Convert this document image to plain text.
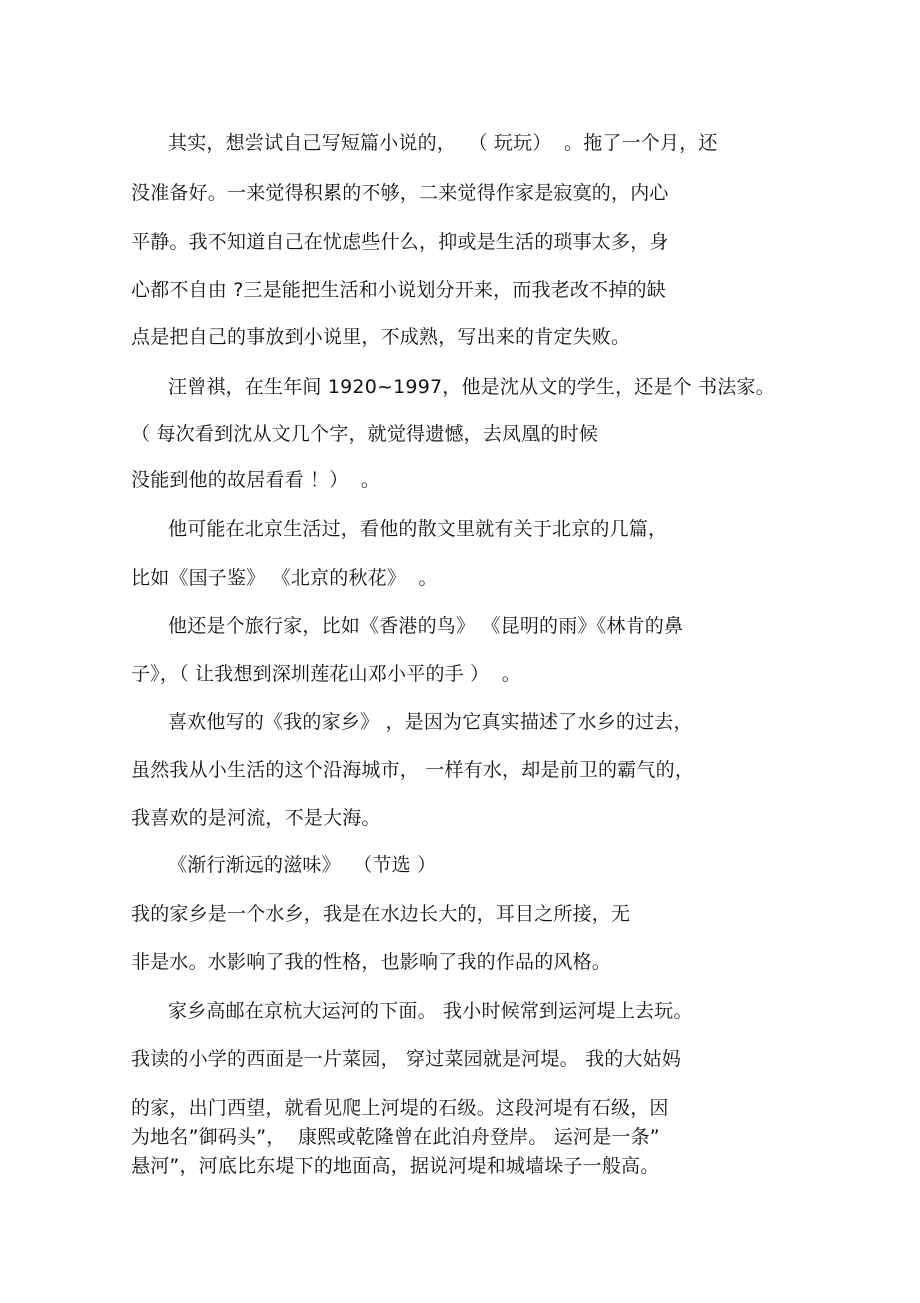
其实，想尝试自己写短篇小说的，  （ 玩玩）  。拖了一个月，还
没准备好。一来觉得积累的不够，二来觉得作家是寂寞的，内心
平静。我不知道自己在忧虑些什么，抑或是生活的琐事太多，身
心都不自由 ?三是能把生活和小说划分开来，而我老改不掉的缺
点是把自己的事放到小说里，不成熟，写出来的肯定失败。
汪曾祺，在生年间 1920~1997，他是沈从文的学生，还是个 书法家。
（ 每次看到沈从文几个字，就觉得遗憾，去凤凰的时候
没能到他的故居看看 ！）  。
他可能在北京生活过，看他的散文里就有关于北京的几篇，
比如《国子鉴》 《北京的秋花》  。
他还是个旅行家，比如《香港的鸟》 《昆明的雨》《林肯的鼻
子》，（ 让我想到深圳莲花山邓小平的手 ）  。
喜欢他写的《我的家乡》 ，是因为它真实描述了水乡的过去，
虽然我从小生活的这个沿海城市， 一样有水，却是前卫的霸气的，
我喜欢的是河流，不是大海。
《渐行渐远的滋味》  （节选 ）
我的家乡是一个水乡，我是在水边长大的，耳目之所接，无
非是水。水影响了我的性格，也影响了我的作品的风格。
家乡高邮在京杭大运河的下面。 我小时候常到运河堤上去玩。
我读的小学的西面是一片菜园， 穿过菜园就是河堤。 我的大姑妈
的家，出门西望，就看见爬上河堤的石级。这段河堤有石级，因
为地名”御码头”，  康熙或乾隆曾在此泊舟登岸。 运河是一条”
悬河”，河底比东堤下的地面高，据说河堤和城墙垛子一般高。
